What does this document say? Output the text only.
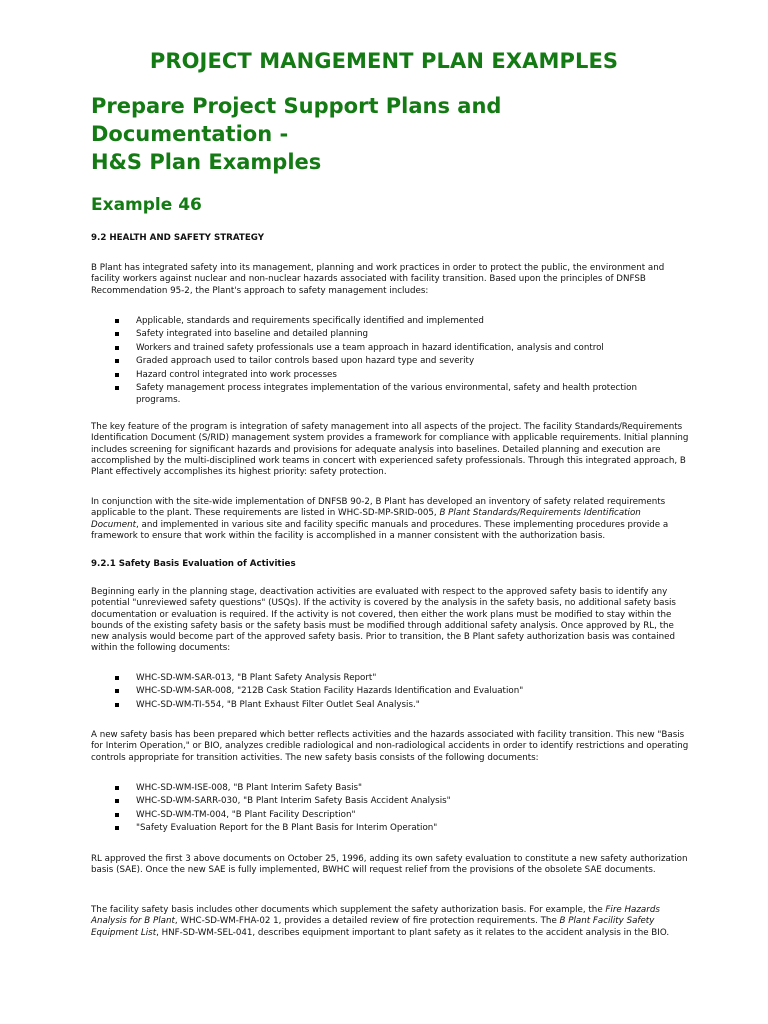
PROJECT MANGEMENT PLAN EXAMPLES
Prepare Project Support Plans and
Documentation -
H&S Plan Examples
Example 46
9.2 HEALTH AND SAFETY STRATEGY

B Plant has integrated safety into its management, planning and work practices in order to protect the public, the environment and facility workers against nuclear and non-nuclear hazards associated with facility transition. Based upon the principles of DNFSB Recommendation 95-2, the Plant's approach to safety management includes:

Applicable, standards and requirements specifically identified and implemented
Safety integrated into baseline and detailed planning
Workers and trained safety professionals use a team approach in hazard identification, analysis and control
Graded approach used to tailor controls based upon hazard type and severity
Hazard control integrated into work processes
Safety management process integrates implementation of the various environmental, safety and health protection programs.

The key feature of the program is integration of safety management into all aspects of the project. The facility Standards/Requirements Identification Document (S/RID) management system provides a framework for compliance with applicable requirements. Initial planning includes screening for significant hazards and provisions for adequate analysis into baselines. Detailed planning and execution are accomplished by the multi-disciplined work teams in concert with experienced safety professionals. Through this integrated approach, B Plant effectively accomplishes its highest priority: safety protection.

In conjunction with the site-wide implementation of DNFSB 90-2, B Plant has developed an inventory of safety related requirements applicable to the plant. These requirements are listed in WHC-SD-MP-SRID-005, B Plant Standards/Requirements Identification Document, and implemented in various site and facility specific manuals and procedures. These implementing procedures provide a framework to ensure that work within the facility is accomplished in a manner consistent with the authorization basis.

9.2.1 Safety Basis Evaluation of Activities

Beginning early in the planning stage, deactivation activities are evaluated with respect to the approved safety basis to identify any potential "unreviewed safety questions" (USQs). If the activity is covered by the analysis in the safety basis, no additional safety basis documentation or evaluation is required. If the activity is not covered, then either the work plans must be modified to stay within the bounds of the existing safety basis or the safety basis must be modified through additional safety analysis. Once approved by RL, the new analysis would become part of the approved safety basis. Prior to transition, the B Plant safety authorization basis was contained within the following documents:

WHC-SD-WM-SAR-013, "B Plant Safety Analysis Report"
WHC-SD-WM-SAR-008, "212B Cask Station Facility Hazards Identification and Evaluation"
WHC-SD-WM-TI-554, "B Plant Exhaust Filter Outlet Seal Analysis."

A new safety basis has been prepared which better reflects activities and the hazards associated with facility transition. This new "Basis for Interim Operation," or BIO, analyzes credible radiological and non-radiological accidents in order to identify restrictions and operating controls appropriate for transition activities. The new safety basis consists of the following documents:

WHC-SD-WM-ISE-008, "B Plant Interim Safety Basis"
WHC-SD-WM-SARR-030, "B Plant Interim Safety Basis Accident Analysis"
WHC-SD-WM-TM-004, "B Plant Facility Description"
"Safety Evaluation Report for the B Plant Basis for Interim Operation"

RL approved the first 3 above documents on October 25, 1996, adding its own safety evaluation to constitute a new safety authorization basis (SAE). Once the new SAE is fully implemented, BWHC will request relief from the provisions of the obsolete SAE documents.

The facility safety basis includes other documents which supplement the safety authorization basis. For example, the Fire Hazards Analysis for B Plant, WHC-SD-WM-FHA-02 1, provides a detailed review of fire protection requirements. The B Plant Facility Safety Equipment List, HNF-SD-WM-SEL-041, describes equipment important to plant safety as it relates to the accident analysis in the BIO.
